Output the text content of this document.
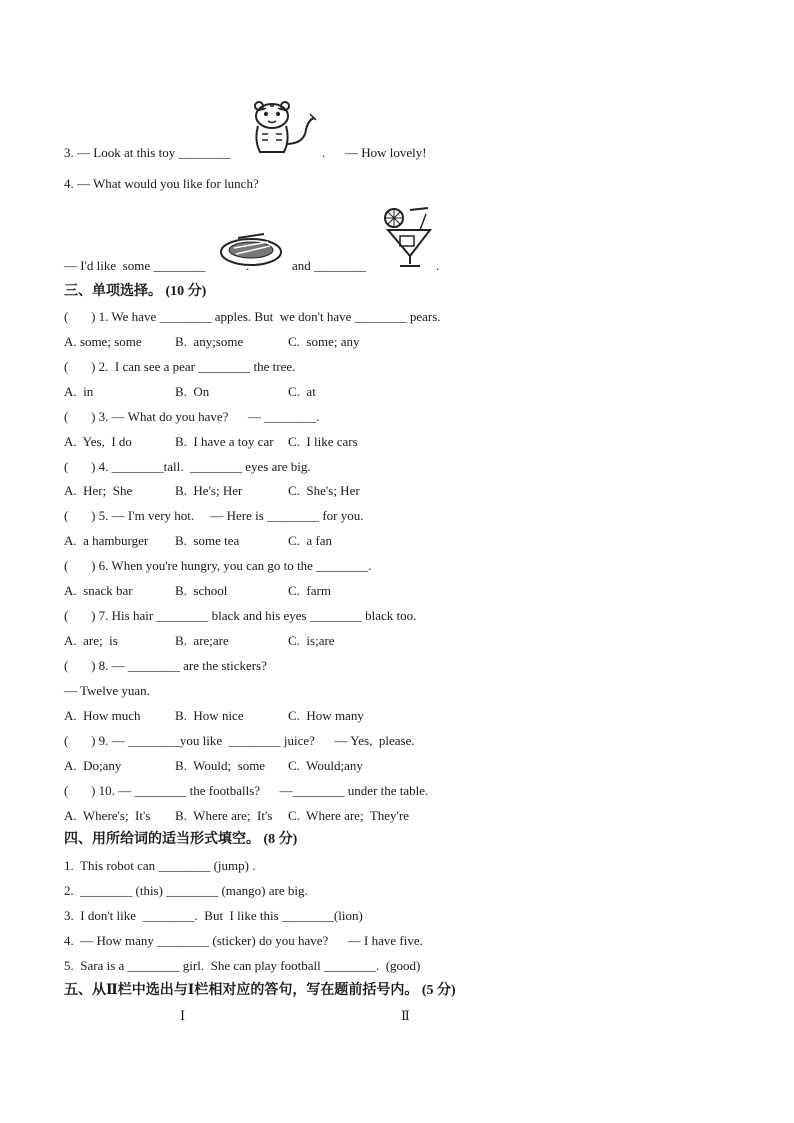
3. — Look at this toy ________	. — How lovely!
4. — What would you like for lunch?
— I'd like  some ________	.	and ________	.
三、单项选择。 (10 分)
(       ) 1. We have ________ apples. But  we don't have ________ pears.
A. some; some	B.  any;some	C.  some; any
(       ) 2.  I can see a pear ________ the tree.
A.  in	B.  On	C.  at
(       ) 3. — What do you have?      — ________.
A.  Yes,  I do	B.  I have a toy car C.  I like cars
(       ) 4. ________tall.  ________ eyes are big.
A.  Her;  She	B.  He's; Her	C.  She's; Her
(       ) 5. — I'm very hot.     — Here is ________ for you.
A.  a hamburger B.  some tea	C.  a fan
(       ) 6. When you're hungry, you can go to the ________.
A.  snack bar	B.  school	C.  farm
(       ) 7. His hair ________ black and his eyes ________ black too.
A.  are;  is	B.  are;are	C.  is;are
(       ) 8. — ________ are the stickers?
— Twelve yuan.
A.  How much	B.  How nice	C.  How many
(       ) 9. — ________you like  ________ juice?      — Yes,  please.
A.  Do;any	B.  Would;  some C.  Would;any
(       ) 10. — ________ the footballs?      —________ under the table.
A.  Where's;  It's B.  Where are;  It's C.  Where are;  They're
四、用所给词的适当形式填空。 (8 分)
1.  This robot can ________ (jump) .
2.  ________ (this) ________ (mango) are big.
3.  I don't like  ________.  But  I like this ________(lion)
4.  — How many ________ (sticker) do you have?      — I have five.
5.  Sara is a ________ girl.  She can play football ________.  (good)
五、从Ⅱ栏中选出与Ⅰ栏相对应的答句，写在题前括号内。 (5 分)
Ⅰ	Ⅱ
